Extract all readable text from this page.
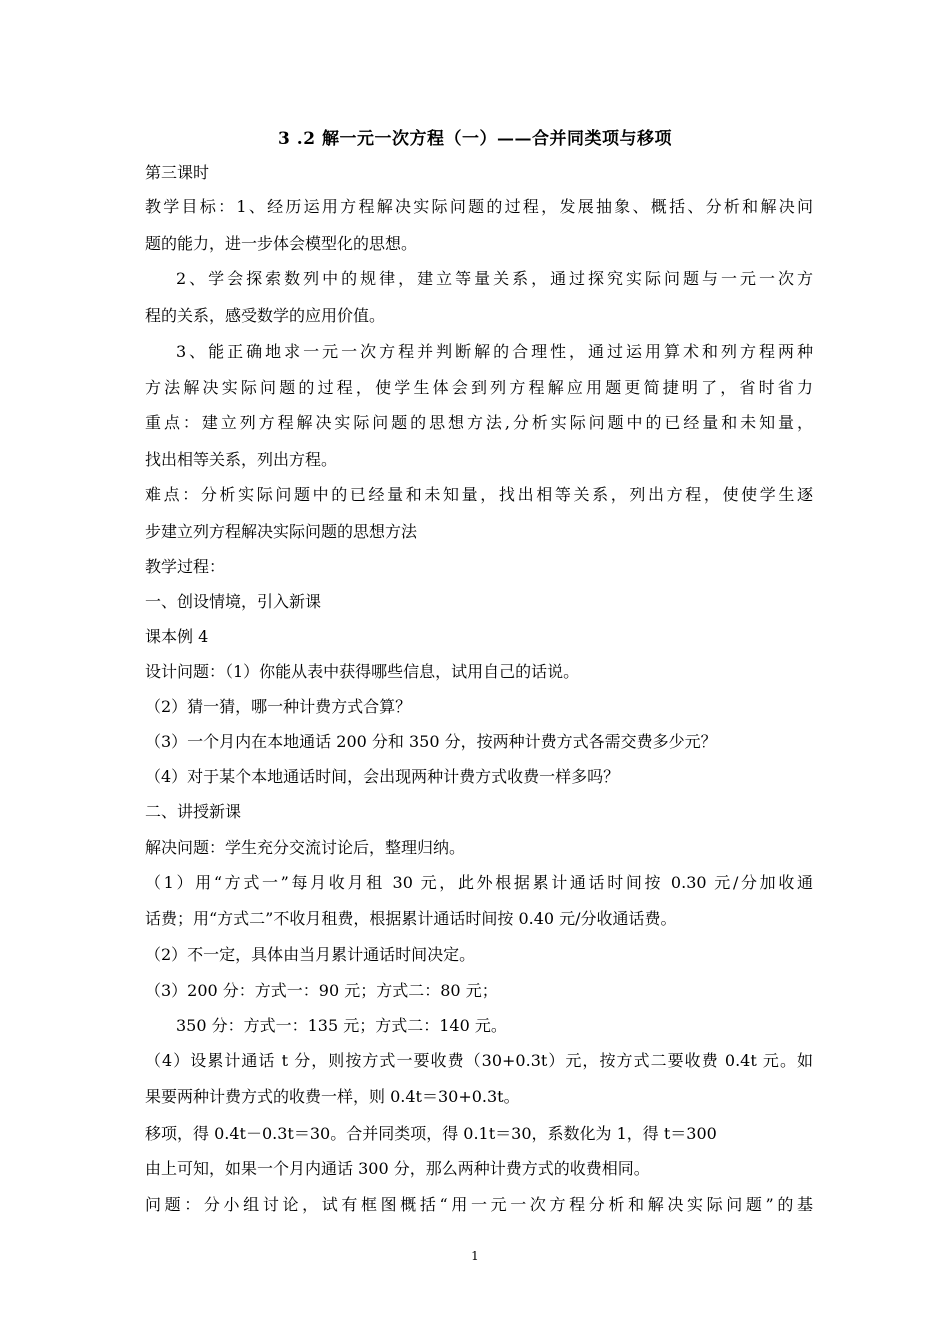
3 .2 解一元一次方程（一）——合并同类项与移项
第三课时
教学目标：1、经历运用方程解决实际问题的过程，发展抽象、概括、分析和解决问
题的能力，进一步体会模型化的思想。
2、学会探索数列中的规律，建立等量关系，通过探究实际问题与一元一次方
程的关系，感受数学的应用价值。
3、能正确地求一元一次方程并判断解的合理性，通过运用算术和列方程两种
方法解决实际问题的过程，使学生体会到列方程解应用题更简捷明了，省时省力
重点：建立列方程解决实际问题的思想方法,分析实际问题中的已经量和未知量，
找出相等关系，列出方程。
难点：分析实际问题中的已经量和未知量，找出相等关系，列出方程，使使学生逐
步建立列方程解决实际问题的思想方法
教学过程：
一、创设情境，引入新课
课本例 4
设计问题：（1）你能从表中获得哪些信息，试用自己的话说。
（2）猜一猜，哪一种计费方式合算？
（3）一个月内在本地通话 200 分和 350 分，按两种计费方式各需交费多少元？
（4）对于某个本地通话时间，会出现两种计费方式收费一样多吗？
二、讲授新课
解决问题：学生充分交流讨论后，整理归纳。
（1）用“方式一”每月收月租 30 元，此外根据累计通话时间按 0.30 元/分加收通
话费；用“方式二”不收月租费，根据累计通话时间按 0.40 元/分收通话费。
（2）不一定，具体由当月累计通话时间决定。
（3）200 分：方式一：90 元；方式二：80 元；
350 分：方式一：135 元；方式二：140 元。
（4）设累计通话 t 分，则按方式一要收费（30+0.3t）元，按方式二要收费 0.4t 元。如
果要两种计费方式的收费一样，则 0.4t＝30+0.3t。
移项，得 0.4t－0.3t＝30。合并同类项，得 0.1t＝30，系数化为 1，得 t＝300
由上可知，如果一个月内通话 300 分，那么两种计费方式的收费相同。
问题：分小组讨论，试有框图概括“用一元一次方程分析和解决实际问题”的基
1
